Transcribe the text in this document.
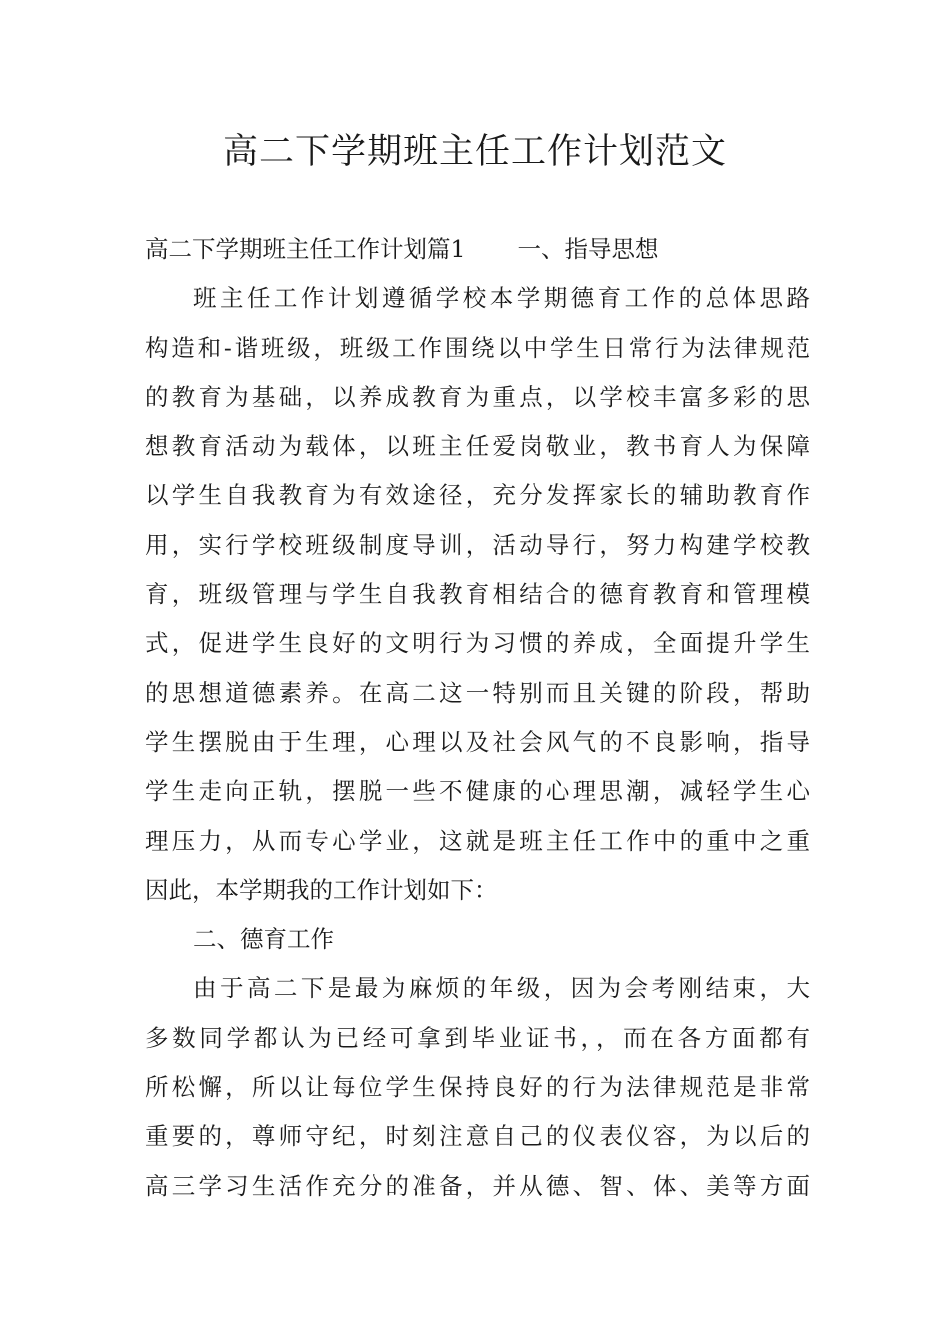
高二下学期班主任工作计划范文
高二下学期班主任工作计划篇1 一、指导思想
班主任工作计划遵循学校本学期德育工作的总体思路
构造和-谐班级，班级工作围绕以中学生日常行为法律规范
的教育为基础，以养成教育为重点，以学校丰富多彩的思
想教育活动为载体，以班主任爱岗敬业，教书育人为保障
以学生自我教育为有效途径，充分发挥家长的辅助教育作
用，实行学校班级制度导训，活动导行，努力构建学校教
育，班级管理与学生自我教育相结合的德育教育和管理模
式，促进学生良好的文明行为习惯的养成，全面提升学生
的思想道德素养。在高二这一特别而且关键的阶段，帮助
学生摆脱由于生理，心理以及社会风气的不良影响，指导
学生走向正轨，摆脱一些不健康的心理思潮，减轻学生心
理压力，从而专心学业，这就是班主任工作中的重中之重
因此，本学期我的工作计划如下：
二、德育工作
由于高二下是最为麻烦的年级，因为会考刚结束，大
多数同学都认为已经可拿到毕业证书，，而在各方面都有
所松懈，所以让每位学生保持良好的行为法律规范是非常
重要的，尊师守纪，时刻注意自己的仪表仪容，为以后的
高三学习生活作充分的准备，并从德、智、体、美等方面
